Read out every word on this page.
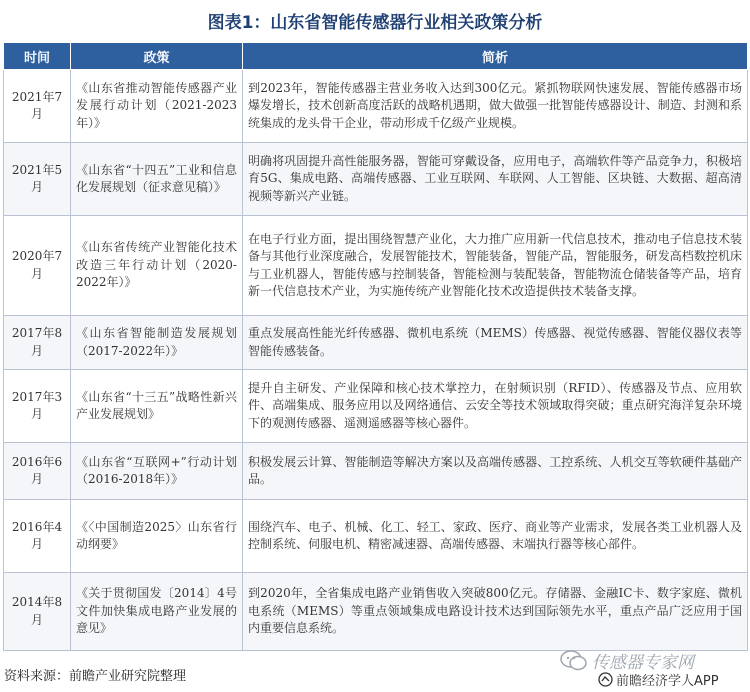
图表1：山东省智能传感器行业相关政策分析
时间	政策	简析
2021年7月	《山东省推动智能传感器产业发展行动计划（2021-2023年）》	到2023年，智能传感器主营业务收入达到300亿元。紧抓物联网快速发展、智能传感器市场爆发增长，技术创新高度活跃的战略机遇期，做大做强一批智能传感器设计、制造、封测和系统集成的龙头骨干企业，带动形成千亿级产业规模。
2021年5月	《山东省“十四五”工业和信息化发展规划（征求意见稿）》	明确将巩固提升高性能服务器，智能可穿戴设备，应用电子，高端软件等产品竞争力，积极培育5G、集成电路、高端传感器、工业互联网、车联网、人工智能、区块链、大数据、超高清视频等新兴产业链。
2020年7月	《山东省传统产业智能化技术改造三年行动计划（2020-2022年）》	在电子行业方面，提出围绕智慧产业化，大力推广应用新一代信息技术，推动电子信息技术装备与其他行业深度融合，发展智能技术，智能装备，智能产品，智能服务，研发高档数控机床与工业机器人，智能传感与控制装备，智能检测与装配装备，智能物流仓储装备等产品，培育新一代信息技术产业，为实施传统产业智能化技术改造提供技术装备支撑。
2017年8月	《山东省智能制造发展规划（2017-2022年）》	重点发展高性能光纤传感器、微机电系统（MEMS）传感器、视觉传感器、智能仪器仪表等智能传感装备。
2017年3月	《山东省“十三五”战略性新兴产业发展规划》	提升自主研发、产业保障和核心技术掌控力，在射频识别（RFID）、传感器及节点、应用软件、高端集成、服务应用以及网络通信、云安全等技术领域取得突破；重点研究海洋复杂环境下的观测传感器、遥测遥感器等核心器件。
2016年6月	《山东省“互联网+”行动计划（2016-2018年）》	积极发展云计算、智能制造等解决方案以及高端传感器、工控系统、人机交互等软硬件基础产品。
2016年4月	《〈中国制造2025〉山东省行动纲要》	围绕汽车、电子、机械、化工、轻工、家政、医疗、商业等产业需求，发展各类工业机器人及控制系统、伺服电机、精密减速器、高端传感器、末端执行器等核心部件。
2014年8月	《关于贯彻国发〔2014〕4号文件加快集成电路产业发展的意见》	到2020年，全省集成电路产业销售收入突破800亿元。存储器、金融IC卡、数字家庭、微机电系统（MEMS）等重点领域集成电路设计技术达到国际领先水平，重点产品广泛应用于国内重要信息系统。
资料来源：前瞻产业研究院整理
传感器专家网
前瞻经济学人APP
